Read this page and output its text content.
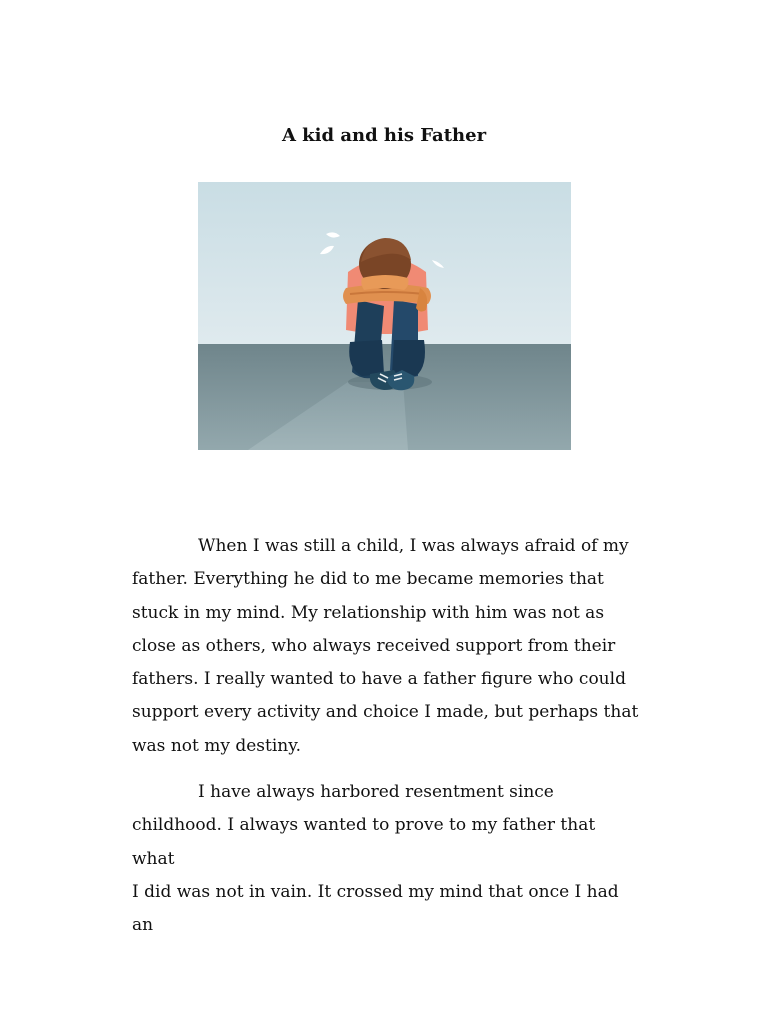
A kid and his Father

When I was still a child, I was always afraid of my
father. Everything he did to me became memories that
stuck in my mind. My relationship with him was not as
close as others, who always received support from their
fathers. I really wanted to have a father figure who could
support every activity and choice I made, but perhaps that
was not my destiny.

I have always harbored resentment since
childhood. I always wanted to prove to my father that what
I did was not in vain. It crossed my mind that once I had an
